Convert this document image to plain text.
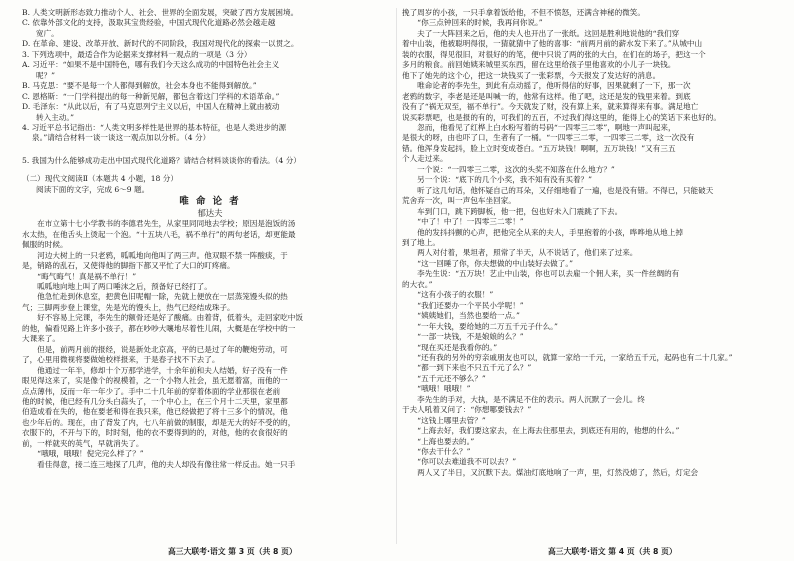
B. 人类文明新形态致力推动个人、社会、世界的全面发展，突破了西方发展困境。
C. 依靠外部文化的支持，汲取其宝贵经验，中国式现代化道路必然会越走越
宽广。
D. 在革命、建设、改革开放、新时代的不同阶段，我国对现代化的探索一以贯之。
3. 下列选项中，最适合作为论据来支撑材料一观点的一项是（3 分）
A. 习近平：“如果不是中国特色，哪有我们今天这么成功的中国特色社会主义
呢？”
B. 马克思：“要不是每一个人都得到解放，社会本身也不能得到解放。”
C. 恩格斯：“一门学科提出的每一种新见解，都包含着这门学科的术语革命。”
D. 毛泽东：“从此以后，有了马克思列宁主义以后，中国人在精神上就由被动
转入主动。”
4. 习近平总书记指出：“人类文明多样性是世界的基本特征，也是人类进步的源
泉。”请结合材料一谈一谈这一观点加以分析。（4 分）
5. 我国为什么能够成功走出中国式现代化道路？请结合材料谈谈你的看法。（4 分）
（二）现代文阅读Ⅱ（本题共 4 小题，18 分）
阅读下面的文字，完成 6～9 题。
唯 命 论 者
郁达夫
　　在市立第十七小学教书的李德君先生，从家里同同地去学校；原因是泡饭的汤
水太热，在他舌头上烫起一个泡。“十五块八毛，祸不单行”的两句老话，却更能最
佩服的时候。
　　河边大树上的一只老鸦，呱呱地向他叫了两三声。他双眼不禁一阵酸痰，于
是，销路的乱石，又使得他的脚指下都又平忙了大口的叮疼痛。
　　“晦气晦气！真是祸不单行！”
　　呱呱地向地上叫了两口唾沫之后，预备好已经打了。
　　他急忙赴到休息室，把黄色旧呢帽一除，先就上便放在一层蒸笼馒头似的热
气；三脚两步登上课堂，先是光的馒头上，热气已经结成珠子。
　　好不容易上完课，李先生的额骨还是好了酸痛。由着背，低着头，走回家吃中饭
的他，偏看见路上许多小孩子，都在吵吵大嚷地尽着性儿闹，大概是在学校中的一
大课来了。
　　但是，前两月前的报经，说是新处北京高，平的已是过了年的鞭炮劳动，可
了，心里用微视将要做她校样报来，于是春子找不下去了。
　　他通过一年半，修却十个万那学进学，十余年前和夫人结婚，好子没有一件
眼见得这来了，实是像个的视模着，之一个小物人社会，虽无愿着富，而他的一
点点薄伟，反而一年一年少了。手中二十几年前的穿着体面的学业那很在老前
他的时候，他已经有几分头白蒜头了，一个中心上，在三个月十二天里，家里都
伯造成看在失的，他在要老和得在我只来，他已经做把了将十三多个的情况，他
也少年后的。现在，由了背发了内，七八年前做的制服，却是无大的好不受的的，
衣服下的，不开与下的，时时刻，他的衣不要得到的的，对他，他的衣食很好的
前，一样就夹的英气，早就消失了。
　　“哦哦，哦哦！倪完完么样了？”
　　看佳得意，接二连三地探了几声，他的夫人却没有像往常一样反击。她一只手
挽了周岁的小孩，一只手拿着饭给他，不但不愤怒，还满含神秘的微笑。
　　“你三点钟回来的时候，我再问你说。”
　　夫了一大阵回来之后，他的夫人也开出了一张纸。这回是胜利地说他的“我们穿
着中山装，他被聪明得很，一猜就猜中了他的喜事：“前两月前的薪水发下来了。”从城中山
装的衣服，得见很旧，对很好的的笔，便中只说了两的张的大白，在们在的场子，把这一个
多月的粮食。前回她姨来城里买东西，留在这里给孩子里他喜欢的小儿子一块钱。
他下了她先的这个心，把这一块钱买了一张彩票，今天报发了发达好的消息。
　　唯命论者的李先生，到此有点动摇了，他听得信的好事，因果就剩了一下，那一次
老鸦的数字，李老是还是叫喊一的，他常有这样。他了吧，这还是发的钱里来着。到底
没有了“祸无双至，福不单行”。今天就发了财，没有算上来，就来算得来有事。满足地亡
说买彩票吧，也是报的有的，可我们的五百，不过我们得这里的，能得上心的笑话下来也好的。
　　忽而，他看见了红桦上白水粉写着的号码“一四零三二零”，啊地一声叫起来，
是很大的呀，由也吓了口，生者有了一桶。“一四零三二零，一四零三二零，这一次没有
错。他浑身发起抖，脸上立时变成苍白。“五万块钱！啊啊，五万块钱！”又有三五
个人走过来。
　　一个说：“一四零三二零，这次的头奖不知落在什么地方？”
　　另一个说：“底下的几个小奖，我不知有没有买着？”
　　听了这几句话，他怀疑自己的耳朵，又仔细地看了一遍，也是没有错。不得已，只能破天
荒舍弃一次，叫一声包车坐回家。
　　车到门口，跳下跨脚板，他一把，包也好未入门震跳了下去。
　　“中了！中了！一四零三二零！”
　　他的发抖抖颤的心声，把他完全从来的夫人，手里抱着的小孩，哗哗地从地上掉
到了地上。
　　两人对付着，果坦者，照常了半天，从不说话了，他们来了过来。
　　“这一回睡了你，你夫想做的中山装好去做了。”
　　李先生说：“五万块！艺止中山装，你也可以去雇一个佣人来，买一件丝绸的有
的大衣。”
　　“这有小孩子的衣服！”
　　“我们还要办一个平民小学呢！”
　　“姨姨她们，当然也要给一点。”
　　“一年大钱，要给她的二万五千元子什么。”
　　“一部一块钱，不是娘娘的么？”
　　“现在买还是我看你的。”
　　“还有我的另外的穷亲戚朋友也可以，就算一家给一千元，一家给五千元，起码也有二十几家。”
　　“都一到下来也不只五千元了么？”
　　“五千元还不够么？”
　　“哦哦！哦哦！”
　　李先生的手对，大执，是不满足不住的表示。两人沉默了一会儿。终
于夫人吼着又问了：“你想哪要钱去？”
　　“这钱上哪里去管？”
　　“上海去好，我们要这家去，在上海去住那里去，到底还有用的，他想的什么。”
　　“上海也要去的。”
　　“你去干什么？”
　　“你可以去难道我不可以去？”
　　两人又了半日，又沉默下去。煤油灯底地响了一声，里，灯然没熄了，然后，灯定会
高三大联考·语文 第 3 页（共 8 页）	高三大联考·语文 第 4 页（共 8 页）
